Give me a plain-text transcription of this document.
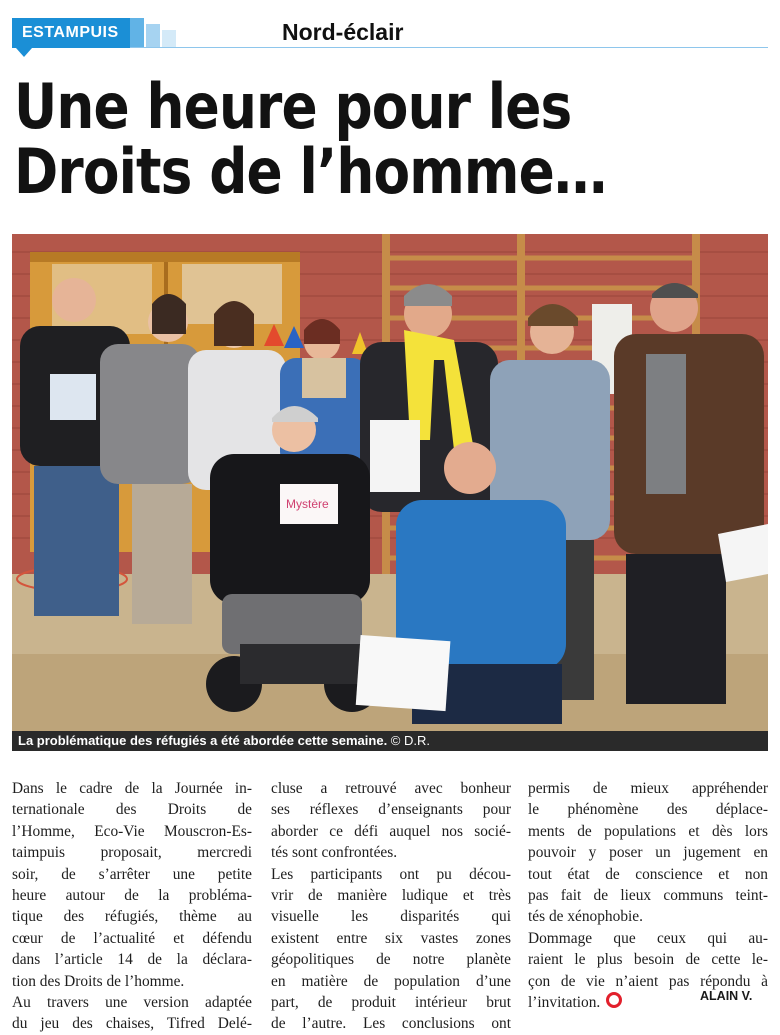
ESTAMPUIS	Nord-éclair
Une heure pour les
Droits de l’homme…
Mystère
La problématique des réfugiés a été abordée cette semaine. © D.R.
Dans le cadre de la Journée in-
ternationale des Droits de
l’Homme, Eco-Vie Mouscron-Es-
taimpuis proposait, mercredi
soir, de s’arrêter une petite
heure autour de la probléma-
tique des réfugiés, thème au
cœur de l’actualité et défendu
dans l’article 14 de la déclara-
tion des Droits de l’homme.
Au travers une version adaptée
du jeu des chaises, Tifred Delé-
cluse a retrouvé avec bonheur
ses réflexes d’enseignants pour
aborder ce défi auquel nos socié-
tés sont confrontées.
Les participants ont pu décou-
vrir de manière ludique et très
visuelle les disparités qui
existent entre six vastes zones
géopolitiques de notre planète
en matière de population d’une
part, de produit intérieur brut
de l’autre. Les conclusions ont
permis de mieux appréhender
le phénomène des déplace-
ments de populations et dès lors
pouvoir y poser un jugement en
tout état de conscience et non
pas fait de lieux communs teint-
tés de xénophobie.
Dommage que ceux qui au-
raient le plus besoin de cette le-
çon de vie n’aient pas répondu à
l’invitation.	ALAIN V.
